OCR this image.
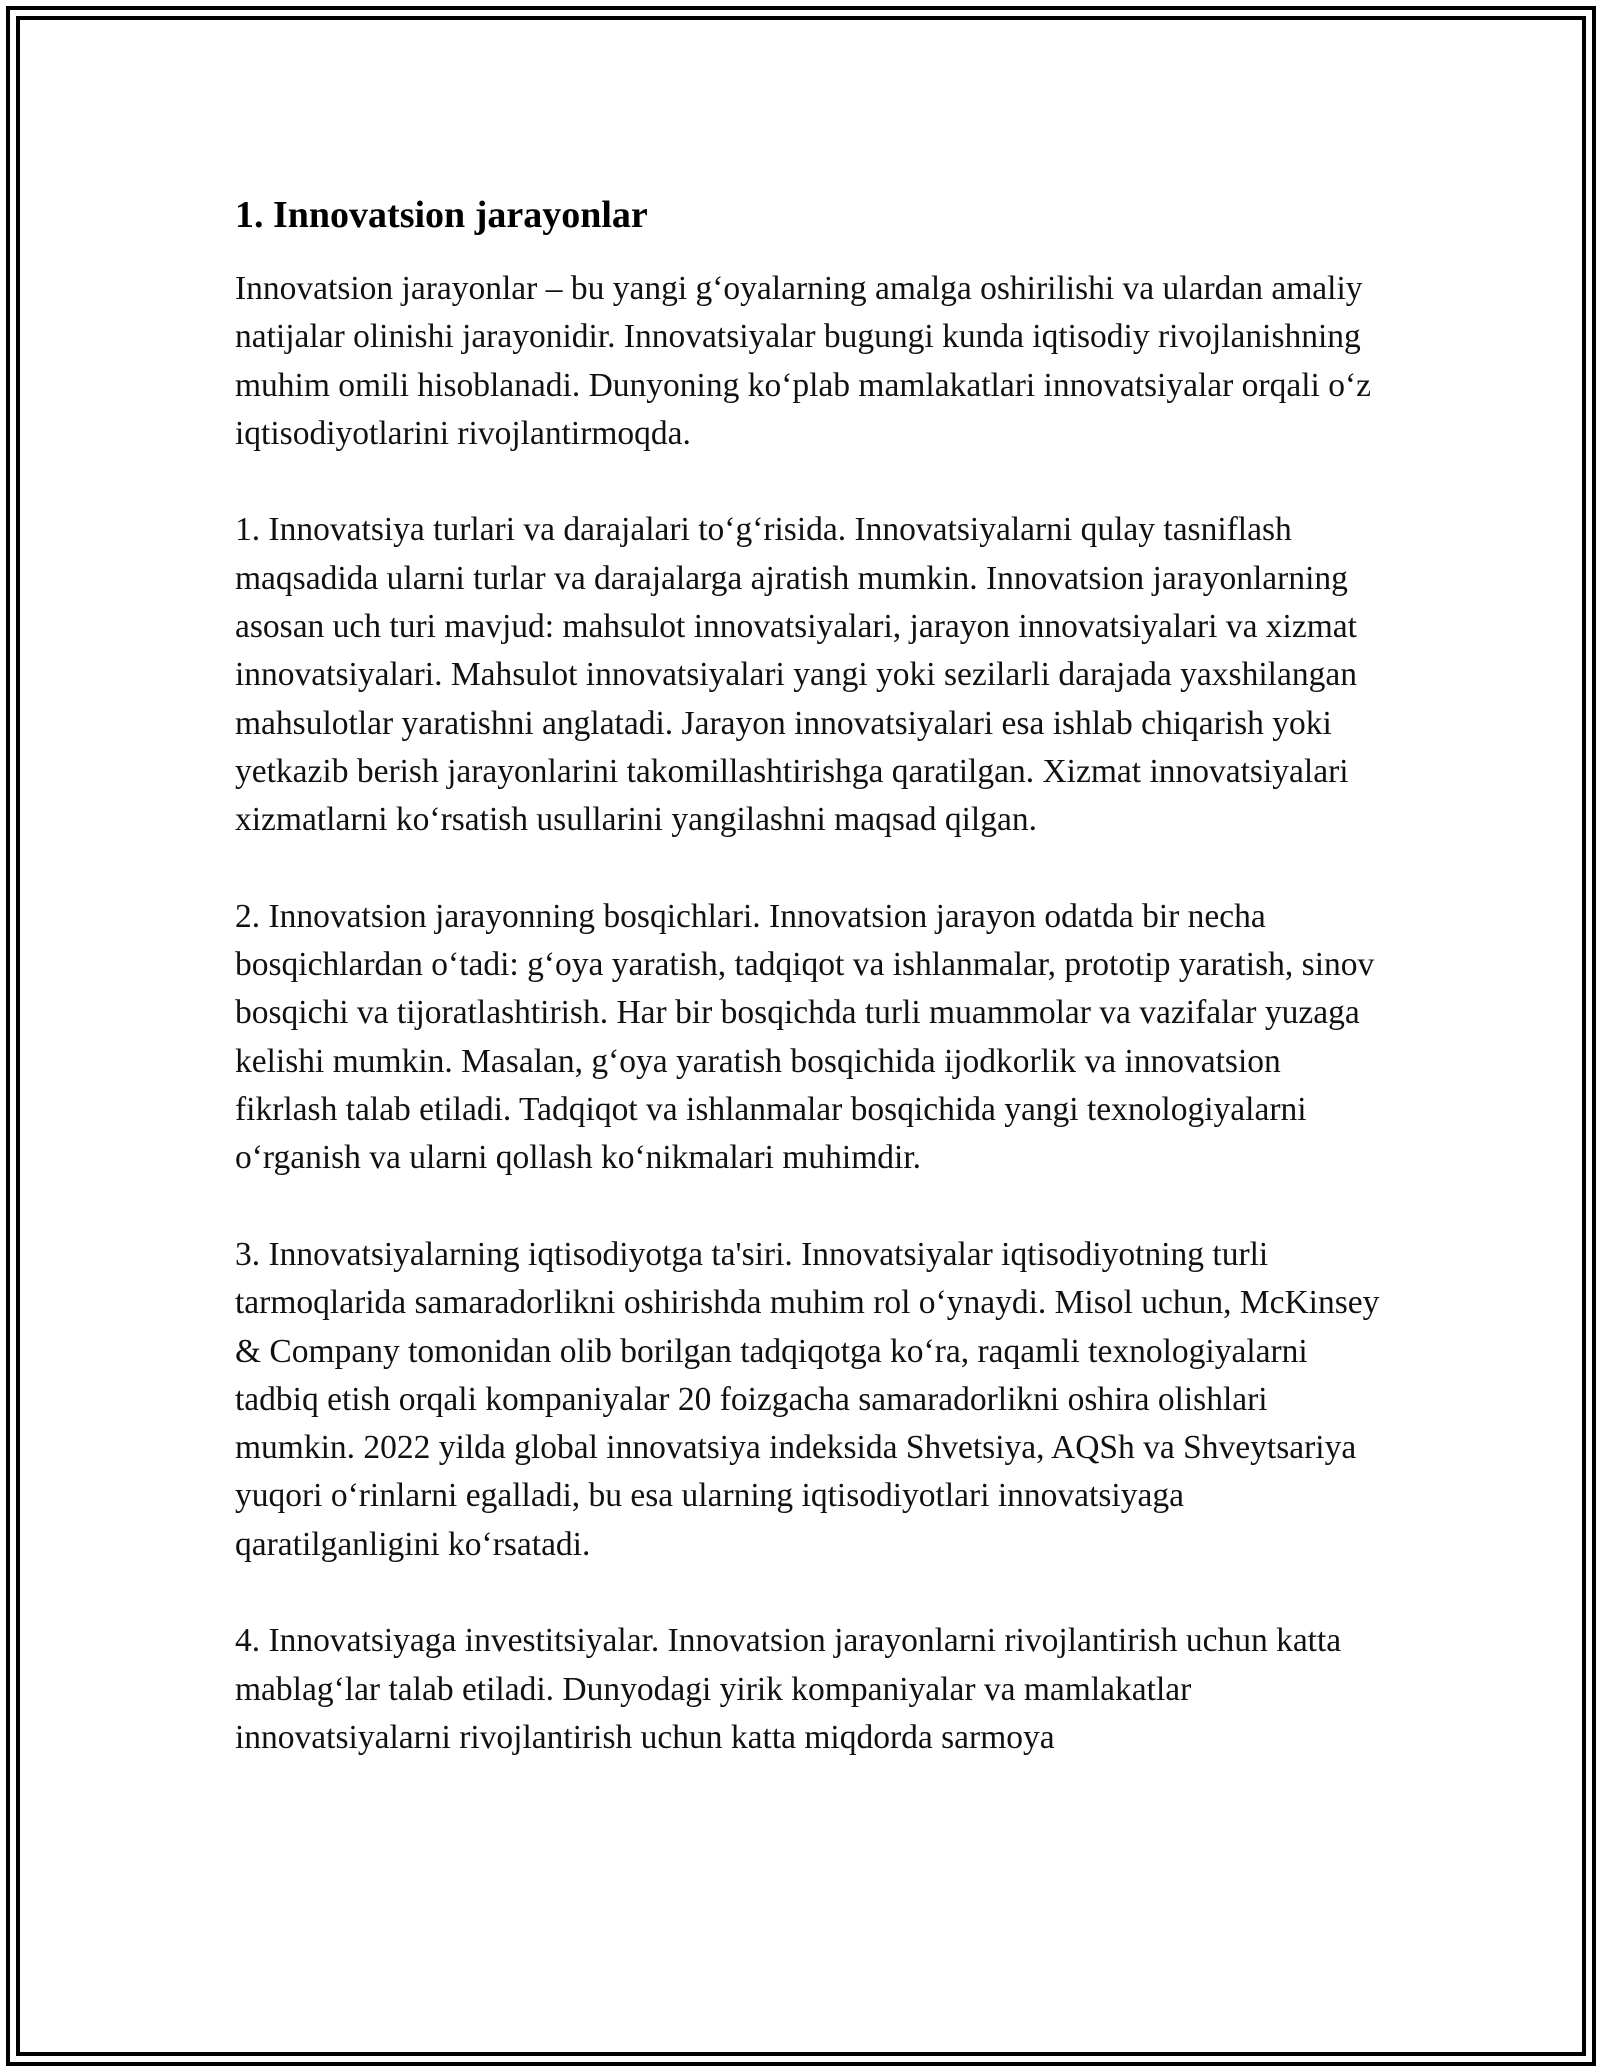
1. Innovatsion jarayonlar

Innovatsion jarayonlar – bu yangi g‘oyalarning amalga oshirilishi va ulardan amaliy natijalar olinishi jarayonidir. Innovatsiyalar bugungi kunda iqtisodiy rivojlanishning muhim omili hisoblanadi. Dunyoning ko‘plab mamlakatlari innovatsiyalar orqali o‘z iqtisodiyotlarini rivojlantirmoqda.

1. Innovatsiya turlari va darajalari to‘g‘risida. Innovatsiyalarni qulay tasniflash maqsadida ularni turlar va darajalarga ajratish mumkin. Innovatsion jarayonlarning asosan uch turi mavjud: mahsulot innovatsiyalari, jarayon innovatsiyalari va xizmat innovatsiyalari. Mahsulot innovatsiyalari yangi yoki sezilarli darajada yaxshilangan mahsulotlar yaratishni anglatadi. Jarayon innovatsiyalari esa ishlab chiqarish yoki yetkazib berish jarayonlarini takomillashtirishga qaratilgan. Xizmat innovatsiyalari xizmatlarni ko‘rsatish usullarini yangilashni maqsad qilgan.

2. Innovatsion jarayonning bosqichlari. Innovatsion jarayon odatda bir necha bosqichlardan o‘tadi: g‘oya yaratish, tadqiqot va ishlanmalar, prototip yaratish, sinov bosqichi va tijoratlashtirish. Har bir bosqichda turli muammolar va vazifalar yuzaga kelishi mumkin. Masalan, g‘oya yaratish bosqichida ijodkorlik va innovatsion fikrlash talab etiladi. Tadqiqot va ishlanmalar bosqichida yangi texnologiyalarni o‘rganish va ularni qollash ko‘nikmalari muhimdir.

3. Innovatsiyalarning iqtisodiyotga ta'siri. Innovatsiyalar iqtisodiyotning turli tarmoqlarida samaradorlikni oshirishda muhim rol o‘ynaydi. Misol uchun, McKinsey & Company tomonidan olib borilgan tadqiqotga ko‘ra, raqamli texnologiyalarni tadbiq etish orqali kompaniyalar 20 foizgacha samaradorlikni oshira olishlari mumkin. 2022 yilda global innovatsiya indeksida Shvetsiya, AQSh va Shveytsariya yuqori o‘rinlarni egalladi, bu esa ularning iqtisodiyotlari innovatsiyaga qaratilganligini ko‘rsatadi.

4. Innovatsiyaga investitsiyalar. Innovatsion jarayonlarni rivojlantirish uchun katta mablag‘lar talab etiladi. Dunyodagi yirik kompaniyalar va mamlakatlar innovatsiyalarni rivojlantirish uchun katta miqdorda sarmoya
